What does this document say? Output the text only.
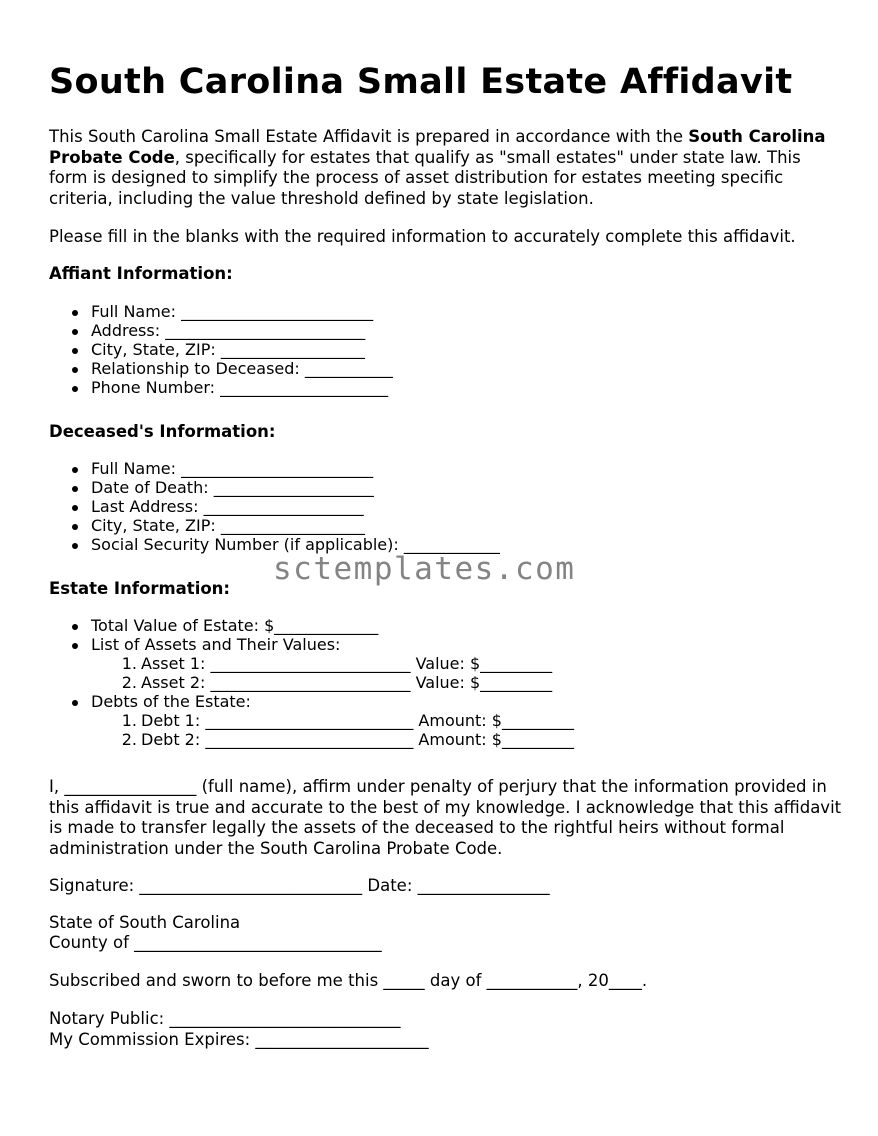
South Carolina Small Estate Affidavit

This South Carolina Small Estate Affidavit is prepared in accordance with the South Carolina Probate Code, specifically for estates that qualify as "small estates" under state law. This form is designed to simplify the process of asset distribution for estates meeting specific criteria, including the value threshold defined by state legislation.

Please fill in the blanks with the required information to accurately complete this affidavit.

Affiant Information:
Full Name: ________________________
Address: _________________________
City, State, ZIP: __________________
Relationship to Deceased: ___________
Phone Number: _____________________
Deceased's Information:
Full Name: ________________________
Date of Death: ____________________
Last Address: ____________________
City, State, ZIP: __________________
Social Security Number (if applicable): ____________
Estate Information:
Total Value of Estate: $_____________
List of Assets and Their Values:
1. Asset 1: _________________________ Value: $_________
2. Asset 2: _________________________ Value: $_________
Debts of the Estate:
1. Debt 1: __________________________ Amount: $_________
2. Debt 2: __________________________ Amount: $_________

I, ________________ (full name), affirm under penalty of perjury that the information provided in this affidavit is true and accurate to the best of my knowledge. I acknowledge that this affidavit is made to transfer legally the assets of the deceased to the rightful heirs without formal administration under the South Carolina Probate Code.

Signature: ___________________________ Date: ________________

State of South Carolina

County of ______________________________

Subscribed and sworn to before me this _____ day of ___________, 20____.

Notary Public: ____________________________

My Commission Expires: _____________________

sctemplates.com
